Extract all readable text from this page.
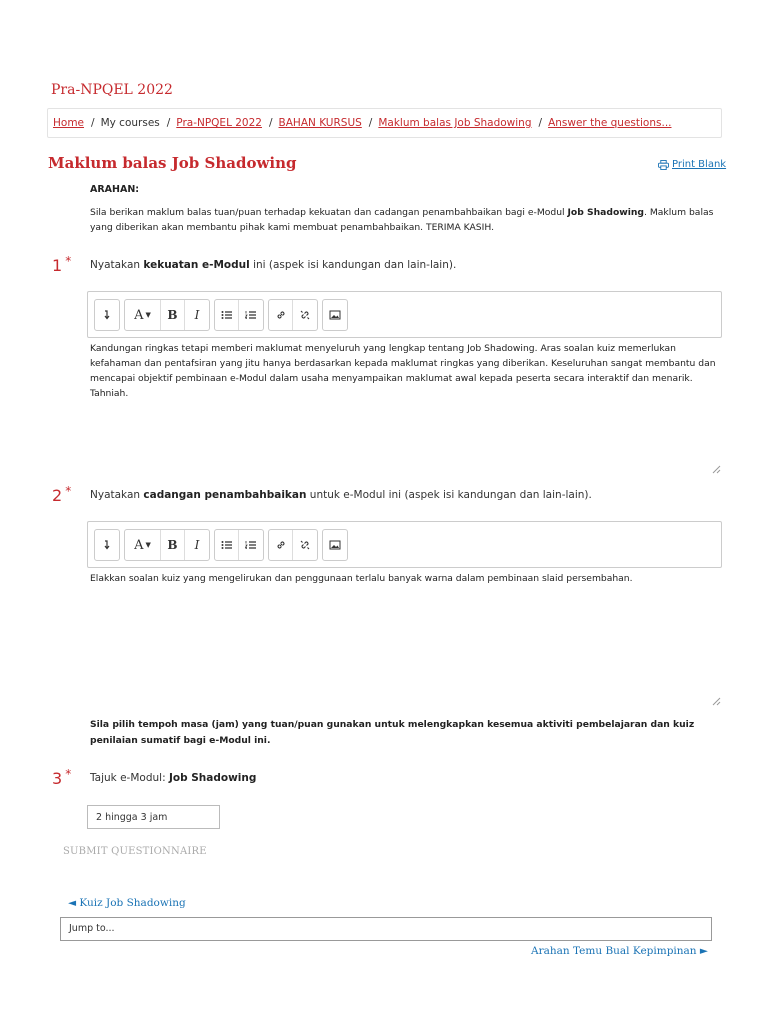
Pra-NPQEL 2022
Home / My courses / Pra-NPQEL 2022 / BAHAN KURSUS / Maklum balas Job Shadowing / Answer the questions...
Maklum balas Job Shadowing	Print Blank
ARAHAN:

Sila berikan maklum balas tuan/puan terhadap kekuatan dan cadangan penambahbaikan bagi e-Modul Job Shadowing. Maklum balas yang diberikan akan membantu pihak kami membuat penambahbaikan. TERIMA KASIH.

1 * Nyatakan kekuatan e-Modul ini (aspek isi kandungan dan lain-lain).
A ▼ B I

Kandungan ringkas tetapi memberi maklumat menyeluruh yang lengkap tentang Job Shadowing. Aras soalan kuiz memerlukan kefahaman dan pentafsiran yang jitu hanya berdasarkan kepada maklumat ringkas yang diberikan. Keseluruhan sangat membantu dan mencapai objektif pembinaan e-Modul dalam usaha menyampaikan maklumat awal kepada peserta secara interaktif dan menarik. Tahniah.

2 * Nyatakan cadangan penambahbaikan untuk e-Modul ini (aspek isi kandungan dan lain-lain).
A ▼ B I

Elakkan soalan kuiz yang mengelirukan dan penggunaan terlalu banyak warna dalam pembinaan slaid persembahan.

Sila pilih tempoh masa (jam) yang tuan/puan gunakan untuk melengkapkan kesemua aktiviti pembelajaran dan kuiz penilaian sumatif bagi e-Modul ini.

3 * Tajuk e-Modul: Job Shadowing
2 hingga 3 jam
SUBMIT QUESTIONNAIRE
◄ Kuiz Job Shadowing
Jump to...
Arahan Temu Bual Kepimpinan ►
